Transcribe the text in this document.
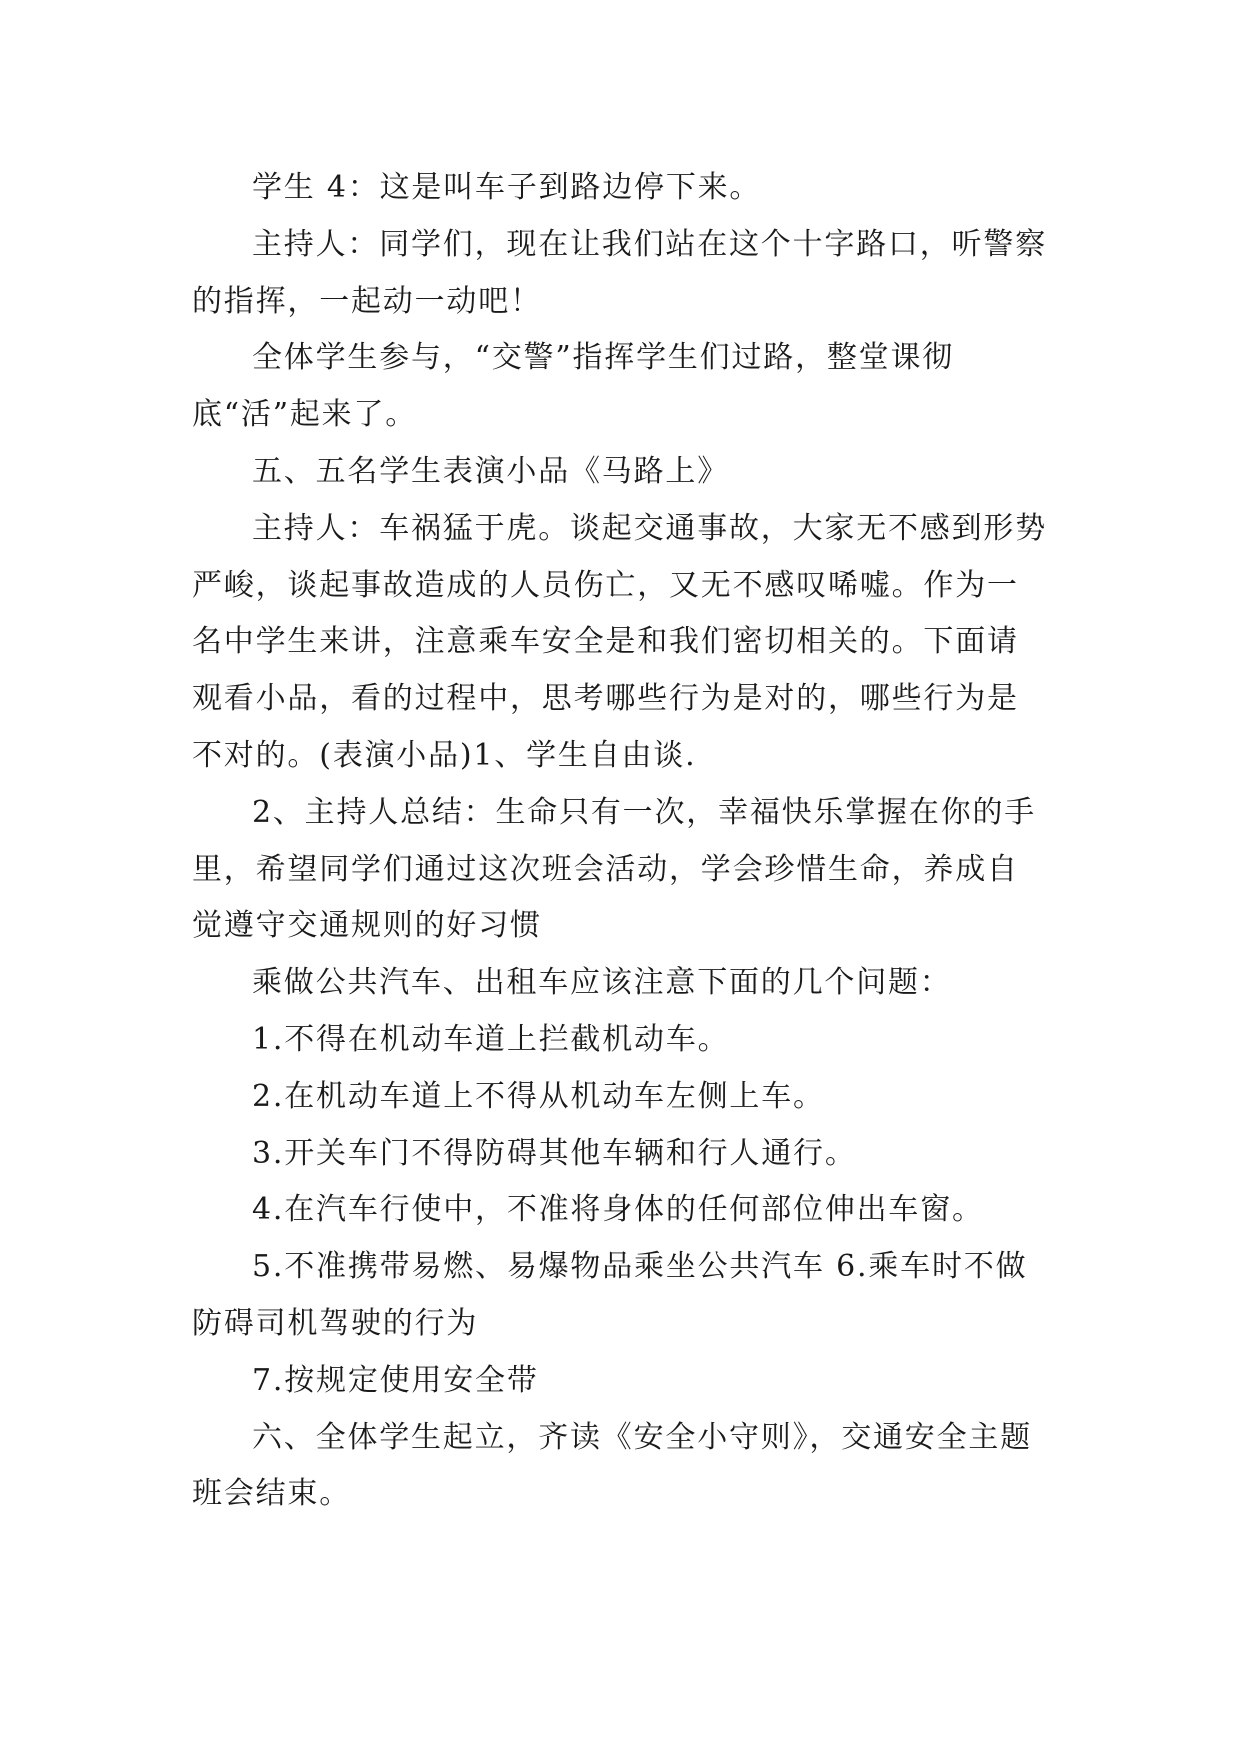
学生 4：这是叫车子到路边停下来。

主持人：同学们，现在让我们站在这个十字路口，听警察的指挥，一起动一动吧！

全体学生参与，“交警”指挥学生们过路，整堂课彻底“活”起来了。

五、五名学生表演小品《马路上》

主持人：车祸猛于虎。谈起交通事故，大家无不感到形势严峻，谈起事故造成的人员伤亡，又无不感叹唏嘘。作为一名中学生来讲，注意乘车安全是和我们密切相关的。下面请观看小品，看的过程中，思考哪些行为是对的，哪些行为是不对的。(表演小品)1、学生自由谈.

2、主持人总结：生命只有一次，幸福快乐掌握在你的手里，希望同学们通过这次班会活动，学会珍惜生命，养成自觉遵守交通规则的好习惯

乘做公共汽车、出租车应该注意下面的几个问题：

1.不得在机动车道上拦截机动车。

2.在机动车道上不得从机动车左侧上车。

3.开关车门不得防碍其他车辆和行人通行。

4.在汽车行使中，不准将身体的任何部位伸出车窗。

5.不准携带易燃、易爆物品乘坐公共汽车 6.乘车时不做防碍司机驾驶的行为

7.按规定使用安全带

六、全体学生起立，齐读《安全小守则》，交通安全主题班会结束。
